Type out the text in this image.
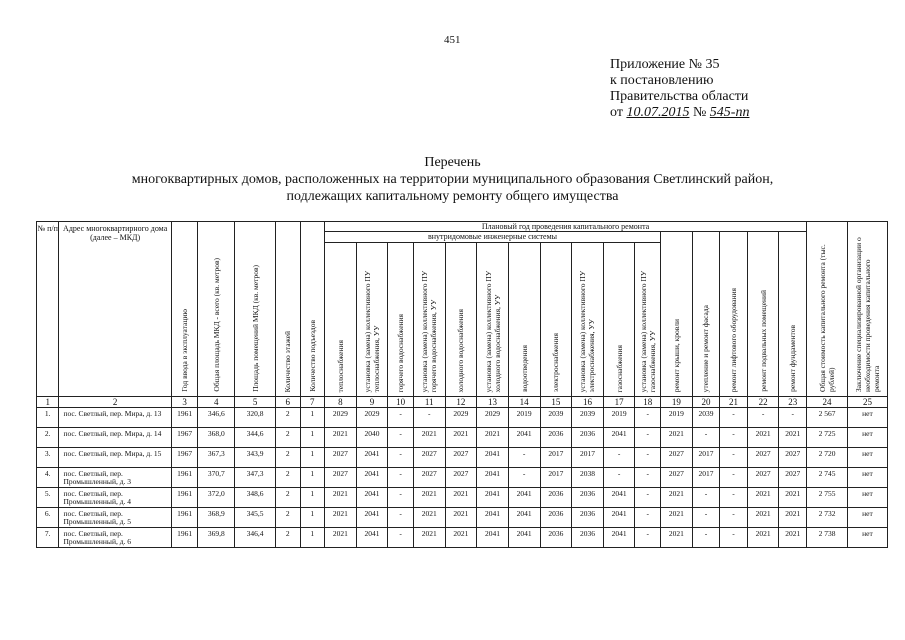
451
Приложение № 35
к постановлению
Правительства области
от 10.07.2015 № 545-пп
Перечень
многоквартирных домов, расположенных на территории муниципального образования Светлинский район,
подлежащих капитальному ремонту общего имущества
№ п/п	Адрес многоквартирного дома (далее – МКД)	Год ввода в эксплуатацию	Общая площадь МКД - всего (кв. метров)	Площадь помещений МКД (кв. метров)	Количество этажей	Количество подъездов	Плановый год проведения капитального ремонта																Общая стоимость капитального ремонта (тыс. рублей)	Заключение специализированной организации о необходимости проведения капитального ремонта

							внутридомовые инженерные системы											ремонт крыши, кровли	утепление и ремонт фасада	ремонт лифтового оборудования	ремонт подвальных помещений	ремонт фундаментов		

							теплоснабжения	установка (замена) коллективного ПУ теплоснабжения, УУ	горячего водоснабжения	установка (замена) коллективного ПУ горячего водоснабжения, УУ	холодного водоснабжения	установка (замена) коллективного ПУ холодного водоснабжения, УУ	водоотведения	электроснабжения	установка (замена) коллективного ПУ электроснабжения, УУ	газоснабжения	установка (замена) коллективного ПУ газоснабжения, УУ							

1	2	3	4	5	6	7	8	9	10	11	12	13	14	15	16	17	18	19	20	21	22	23	24	25
1.	пос. Светлый, пер. Мира, д. 13	1961	346,6	320,8	2	1	2029	2029	-	-	2029	2029	2019	2039	2039	2019	-	2019	2039	-	-	-	2 567	нет
2.	пос. Светлый, пер. Мира, д. 14	1967	368,0	344,6	2	1	2021	2040	-	2021	2021	2021	2041	2036	2036	2041	-	2021	-	-	2021	2021	2 725	нет
3.	пос. Светлый, пер. Мира, д. 15	1967	367,3	343,9	2	1	2027	2041	-	2027	2027	2041	-	2017	2017	-	-	2027	2017	-	2027	2027	2 720	нет
4.	пос. Светлый, пер. Промышленный, д. 3	1961	370,7	347,3	2	1	2027	2041	-	2027	2027	2041	-	2017	2038	-	-	2027	2017	-	2027	2027	2 745	нет
5.	пос. Светлый, пер. Промышленный, д. 4	1961	372,0	348,6	2	1	2021	2041	-	2021	2021	2041	2041	2036	2036	2041	-	2021	-	-	2021	2021	2 755	нет
6.	пос. Светлый, пер. Промышленный, д. 5	1961	368,9	345,5	2	1	2021	2041	-	2021	2021	2041	2041	2036	2036	2041	-	2021	-	-	2021	2021	2 732	нет
7.	пос. Светлый, пер. Промышленный, д. 6	1961	369,8	346,4	2	1	2021	2041	-	2021	2021	2041	2041	2036	2036	2041	-	2021	-	-	2021	2021	2 738	нет
